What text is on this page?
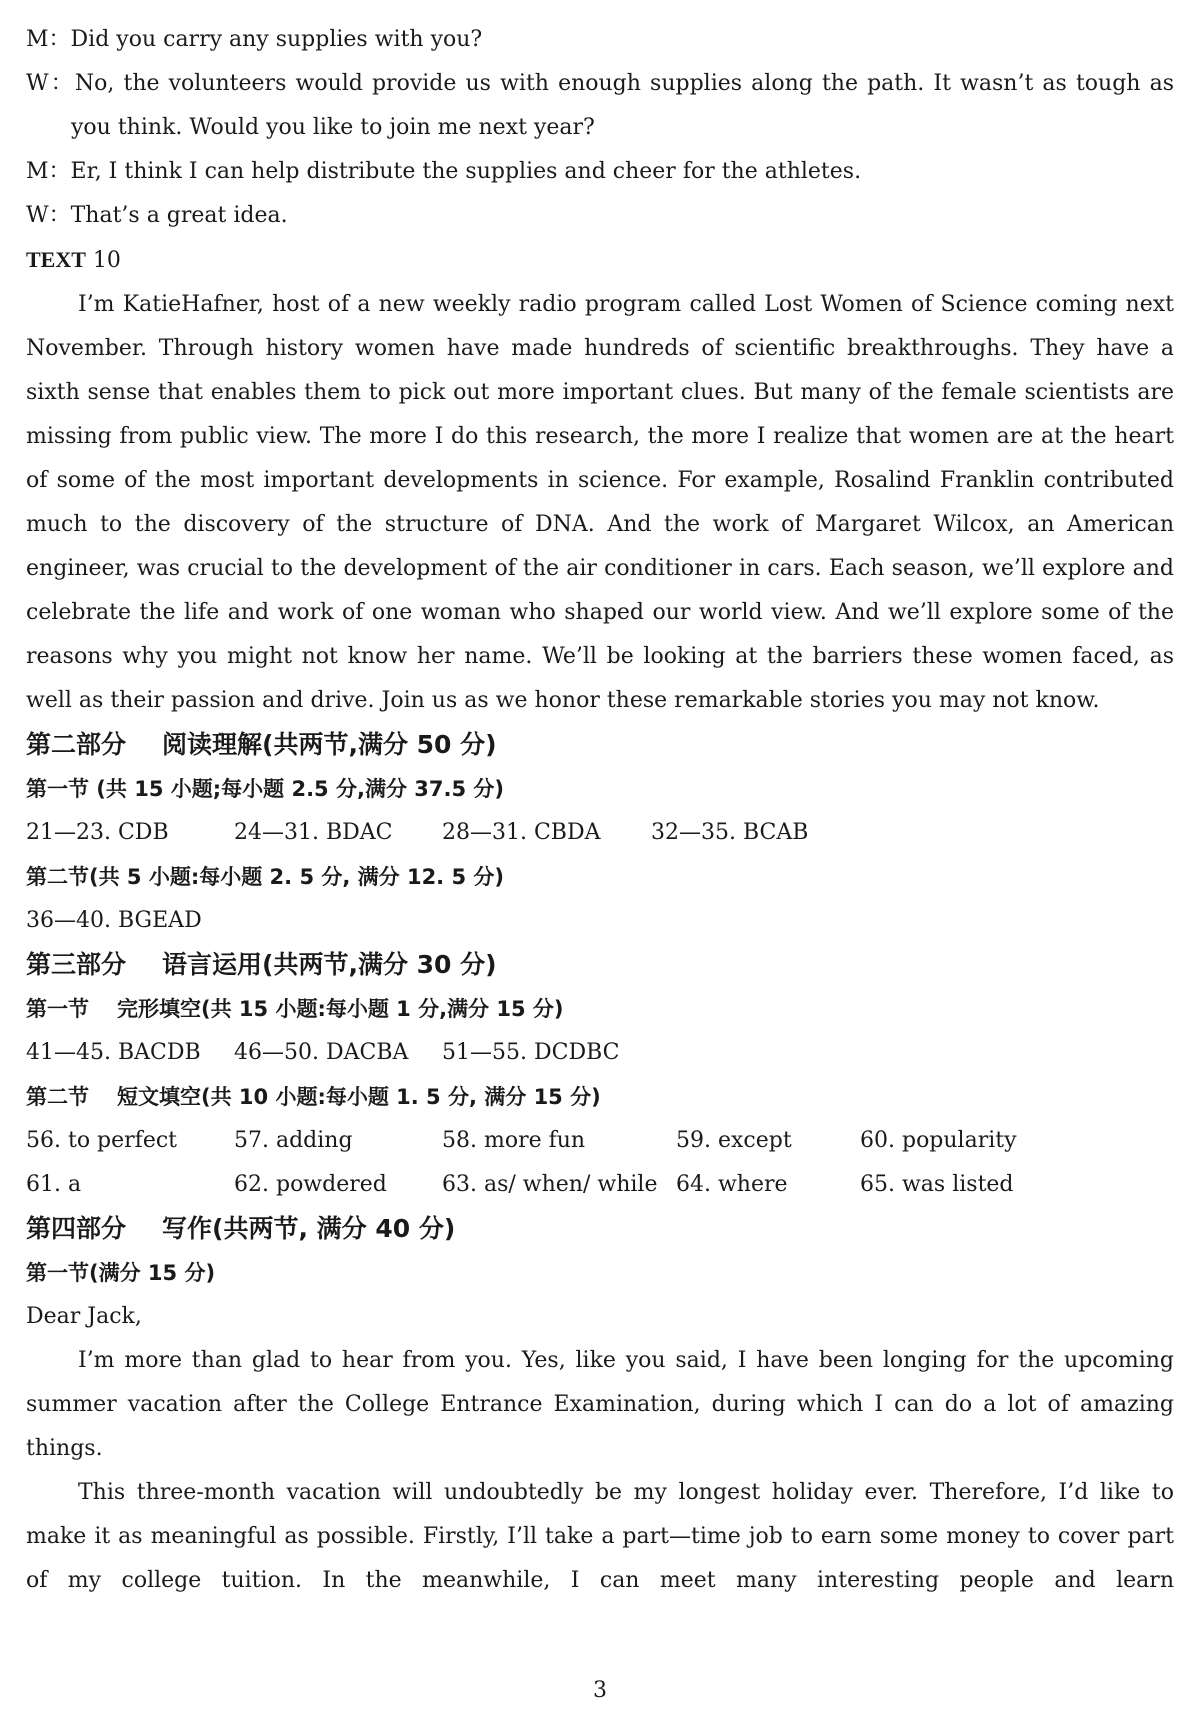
M：Did you carry any supplies with you?
W：No, the volunteers would provide us with enough supplies along the path. It wasn’t as tough as you think. Would you like to join me next year?
M：Er, I think I can help distribute the supplies and cheer for the athletes.
W：That’s a great idea.
TEXT 10
I’m KatieHafner, host of a new weekly radio program called Lost Women of Science coming next November. Through history women have made hundreds of scientific breakthroughs. They have a sixth sense that enables them to pick out more important clues. But many of the female scientists are missing from public view. The more I do this research, the more I realize that women are at the heart of some of the most important developments in science. For example, Rosalind Franklin contributed much to the discovery of the structure of DNA. And the work of Margaret Wilcox, an American engineer, was crucial to the development of the air conditioner in cars. Each season, we’ll explore and celebrate the life and work of one woman who shaped our world view. And we’ll explore some of the reasons why you might not know her name. We’ll be looking at the barriers these women faced, as well as their passion and drive. Join us as we honor these remarkable stories you may not know.
第二部分 阅读理解(共两节,满分 50 分)
第一节 (共 15 小题;每小题 2.5 分,满分 37.5 分)
21—23. CDB	24—31. BDAC 28—31. CBDA 32—35. BCAB
第二节(共 5 小题:每小题 2. 5 分, 满分 12. 5 分)
36—40. BGEAD
第三部分 语言运用(共两节,满分 30 分)
第一节 完形填空(共 15 小题:每小题 1 分,满分 15 分)
41—45. BACDB 46—50. DACBA 51—55. DCDBC
第二节 短文填空(共 10 小题:每小题 1. 5 分, 满分 15 分)
56. to perfect	57. adding	58. more fun	59. except	60. popularity
61. a	62. powdered	63. as/ when/ while 64. where	65. was listed
第四部分 写作(共两节, 满分 40 分)
第一节(满分 15 分)
Dear Jack,
I’m more than glad to hear from you. Yes, like you said, I have been longing for the upcoming summer vacation after the College Entrance Examination, during which I can do a lot of amazing things.
This three-month vacation will undoubtedly be my longest holiday ever. Therefore, I’d like to make it as meaningful as possible. Firstly, I’ll take a part—time job to earn some money to cover part of my college tuition. In the meanwhile, I can meet many interesting people and learn
3
